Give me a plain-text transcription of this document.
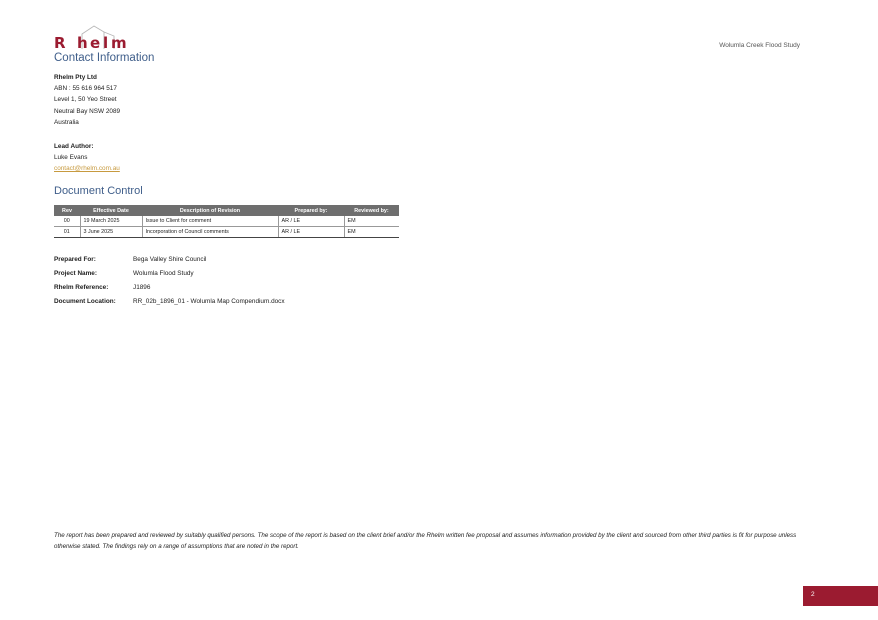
R h e l m
Contact Information
Wolumla Creek Flood Study
Rhelm Pty Ltd
ABN : 55 616 964 517
Level 1, 50 Yeo Street
Neutral Bay NSW 2089
Australia
Lead Author:
Luke Evans
contact@rhelm.com.au
Document Control
Rev	Effective Date	Description of Revision	Prepared by:	Reviewed by:
00	19 March 2025	Issue to Client for comment	AR / LE	EM
01	3 June 2025	Incorporation of Council comments	AR / LE	EM
Prepared For:	Bega Valley Shire Council
Project Name:	Wolumla Flood Study
Rhelm Reference:	J1896
Document Location:	RR_02b_1896_01 - Wolumla Map Compendium.docx
The report has been prepared and reviewed by suitably qualified persons. The scope of the report is based on the client brief and/or the Rhelm written fee proposal and assumes information provided by the client and sourced from other third parties is fit for purpose unless otherwise stated. The findings rely on a range of assumptions that are noted in the report.
2
